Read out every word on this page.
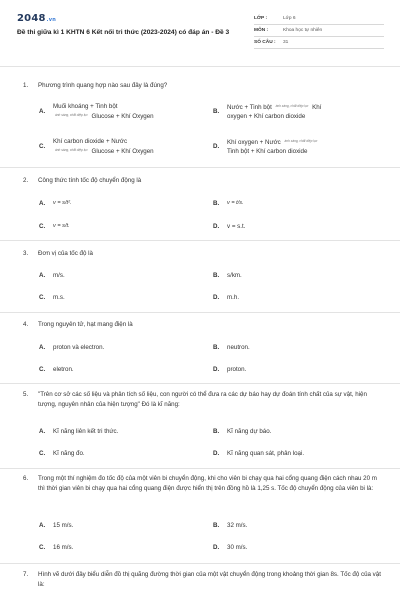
2048.vn
Đề thi giữa kì 1 KHTN 6 Kết nối tri thức (2023-2024) có đáp án - Đề 3
LỚP :	Lớp 6
MÔN :	Khoa học tự nhiên
SỐ CÂU :	31
1. Phương trình quang hợp nào sau đây là đúng?
A.
Muối khoáng + Tinh bột
$^{ánh sáng, chất diệp lục}$ Glucose + Khí Oxygen
B.
Nước + Tinh bột $^{ánh sáng, chất diệp lục}$ Khí
oxygen + Khí carbon dioxide
C.
Khí carbon dioxide + Nước
$^{ánh sáng, chất diệp lục}$ Glucose + Khí Oxygen
D.
Khí oxygen + Nước $^{ánh sáng, chất diệp lục}$
Tinh bột + Khí carbon dioxide
2. Công thức tính tốc độ chuyển động là
A.	v = s/t².	B.	v = t/s.
C.	v = s/t.	D.	v = s.t.
3. Đơn vị của tốc độ là
A.	m/s.	B.	s/km.
C.	m.s.	D.	m.h.
4. Trong nguyên tử, hạt mang điện là
A.	proton và electron.	B.	neutron.
C.	eletron.	D.	proton.
5. "Trên cơ sở các số liệu và phân tích số liệu, con người có thể đưa ra các dự báo hay dự đoán tính chất của sự vật, hiện tượng, nguyên nhân của hiện tượng" Đó là kĩ năng:
A.	Kĩ năng liên kết tri thức.	B.	Kĩ năng dự báo.
C.	Kĩ năng đo.	D.	Kĩ năng quan sát, phân loại.
6. Trong một thí nghiệm đo tốc độ của một viên bi chuyển động, khi cho viên bi chạy qua hai cổng quang điện cách nhau 20 m thì thời gian viên bi chạy qua hai cổng quang điện được hiển thị trên đồng hồ là 1,25 s. Tốc độ chuyển động của viên bi là:
A.	15 m/s.	B.	32 m/s.
C.	16 m/s.	D.	30 m/s.
7. Hình vẽ dưới đây biểu diễn đồ thị quãng đường thời gian của một vật chuyển động trong khoảng thời gian 8s. Tốc độ của vật là:
